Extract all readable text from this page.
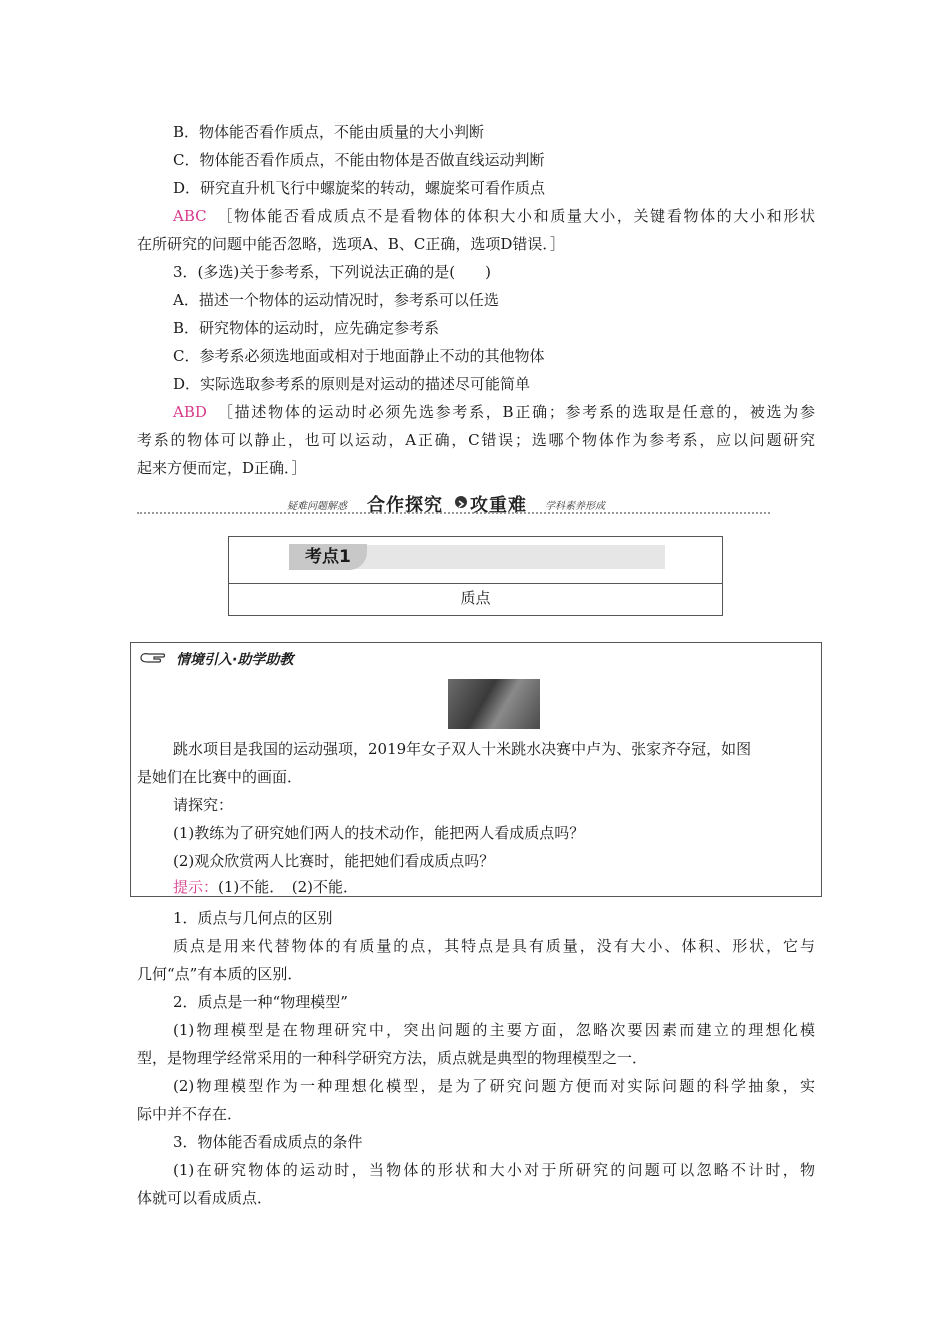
B．物体能否看作质点，不能由质量的大小判断
C．物体能否看作质点，不能由物体是否做直线运动判断
D．研究直升机飞行中螺旋桨的转动，螺旋桨可看作质点
ABC　 ［物体能否看成质点不是看物体的体积大小和质量大小，关键看物体的大小和形状
在所研究的问题中能否忽略，选项A、B、C正确，选项D错误．］
3．(多选)关于参考系，下列说法正确的是(　　)
A．描述一个物体的运动情况时，参考系可以任选
B．研究物体的运动时，应先确定参考系
C．参考系必须选地面或相对于地面静止不动的其他物体
D．实际选取参考系的原则是对运动的描述尽可能简单
ABD　 ［描述物体的运动时必须先选参考系，B正确；参考系的选取是任意的，被选为参
考系的物体可以静止，也可以运动，A正确，C错误；选哪个物体作为参考系，应以问题研究
起来方便而定，D正确．］
疑难问题解惑 合作探究 攻重难 学科素养形成
考点1
质点
情境引入·助学助教
跳水项目是我国的运动强项，2019年女子双人十米跳水决赛中卢为、张家齐夺冠，如图
是她们在比赛中的画面．
请探究：
(1)教练为了研究她们两人的技术动作，能把两人看成质点吗？
(2)观众欣赏两人比赛时，能把她们看成质点吗？
提示：(1)不能．　(2)不能．
1．质点与几何点的区别
质点是用来代替物体的有质量的点，其特点是具有质量，没有大小、体积、形状，它与
几何“点”有本质的区别．
2．质点是一种“物理模型”
(1)物理模型是在物理研究中，突出问题的主要方面，忽略次要因素而建立的理想化模
型，是物理学经常采用的一种科学研究方法，质点就是典型的物理模型之一．
(2)物理模型作为一种理想化模型，是为了研究问题方便而对实际问题的科学抽象，实
际中并不存在．
3．物体能否看成质点的条件
(1)在研究物体的运动时，当物体的形状和大小对于所研究的问题可以忽略不计时，物
体就可以看成质点．
